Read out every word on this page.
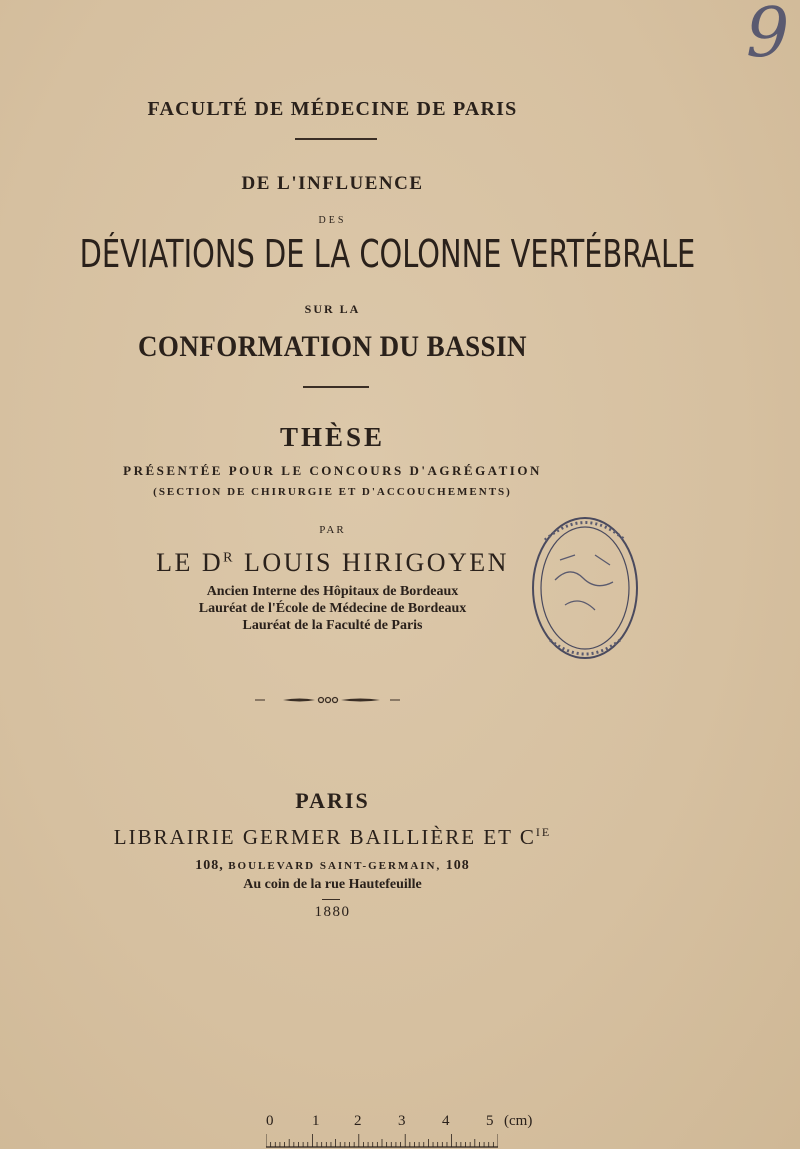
FACULTÉ DE MÉDECINE DE PARIS
DE L'INFLUENCE
DES
DÉVIATIONS DE LA COLONNE VERTÉBRALE
SUR LA
CONFORMATION DU BASSIN
THÈSE
PRÉSENTÉE POUR LE CONCOURS D'AGRÉGATION
(SECTION DE CHIRURGIE ET D'ACCOUCHEMENTS)
PAR
LE $D^R$ LOUIS HIRIGOYEN
Ancien Interne des Hôpitaux de Bordeaux
Lauréat de l'École de Médecine de Bordeaux
Lauréat de la Faculté de Paris
PARIS
LIBRAIRIE GERMER BAILLIÈRE ET $C^{IE}$
108, BOULEVARD SAINT-GERMAIN, 108
Au coin de la rue Hautefeuille
1880
9
0	1 2 3 4 5 (cm)
